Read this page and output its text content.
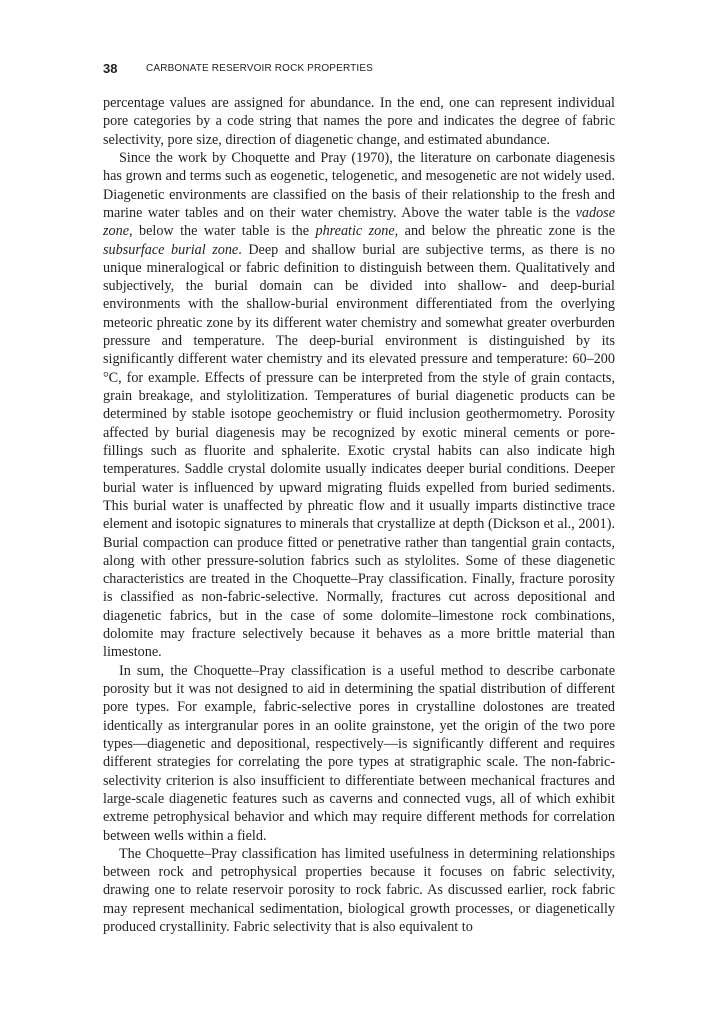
38	CARBONATE RESERVOIR ROCK PROPERTIES

percentage values are assigned for abundance. In the end, one can represent individual pore categories by a code string that names the pore and indicates the degree of fabric selectivity, pore size, direction of diagenetic change, and estimated abundance.

Since the work by Choquette and Pray (1970), the literature on carbonate diagenesis has grown and terms such as eogenetic, telogenetic, and mesogenetic are not widely used. Diagenetic environments are classified on the basis of their relationship to the fresh and marine water tables and on their water chemistry. Above the water table is the vadose zone, below the water table is the phreatic zone, and below the phreatic zone is the subsurface burial zone. Deep and shallow burial are subjective terms, as there is no unique mineralogical or fabric definition to distinguish between them. Qualitatively and subjectively, the burial domain can be divided into shallow- and deep-burial environments with the shallow-burial environment differentiated from the overlying meteoric phreatic zone by its different water chemistry and somewhat greater overburden pressure and temperature. The deep-burial environment is distinguished by its significantly different water chemistry and its elevated pressure and temperature: 60–200 °C, for example. Effects of pressure can be interpreted from the style of grain contacts, grain breakage, and stylolitization. Temperatures of burial diagenetic products can be determined by stable isotope geochemistry or fluid inclusion geothermometry. Porosity affected by burial diagenesis may be recognized by exotic mineral cements or pore-fillings such as fluorite and sphalerite. Exotic crystal habits can also indicate high temperatures. Saddle crystal dolomite usually indicates deeper burial conditions. Deeper burial water is influenced by upward migrating fluids expelled from buried sediments. This burial water is unaffected by phreatic flow and it usually imparts distinctive trace element and isotopic signatures to minerals that crystallize at depth (Dickson et al., 2001). Burial compaction can produce fitted or penetrative rather than tangential grain contacts, along with other pressure-solution fabrics such as stylolites. Some of these diagenetic characteristics are treated in the Choquette–Pray classification. Finally, fracture porosity is classified as non-fabric-selective. Normally, fractures cut across depositional and diagenetic fabrics, but in the case of some dolomite–limestone rock combinations, dolomite may fracture selectively because it behaves as a more brittle material than limestone.

In sum, the Choquette–Pray classification is a useful method to describe carbonate porosity but it was not designed to aid in determining the spatial distribution of different pore types. For example, fabric-selective pores in crystalline dolostones are treated identically as intergranular pores in an oolite grainstone, yet the origin of the two pore types—diagenetic and depositional, respectively—is significantly different and requires different strategies for correlating the pore types at stratigraphic scale. The non-fabric-selectivity criterion is also insufficient to differentiate between mechanical fractures and large-scale diagenetic features such as caverns and connected vugs, all of which exhibit extreme petrophysical behavior and which may require different methods for correlation between wells within a field.

The Choquette–Pray classification has limited usefulness in determining relationships between rock and petrophysical properties because it focuses on fabric selectivity, drawing one to relate reservoir porosity to rock fabric. As discussed earlier, rock fabric may represent mechanical sedimentation, biological growth processes, or diagenetically produced crystallinity. Fabric selectivity that is also equivalent to
